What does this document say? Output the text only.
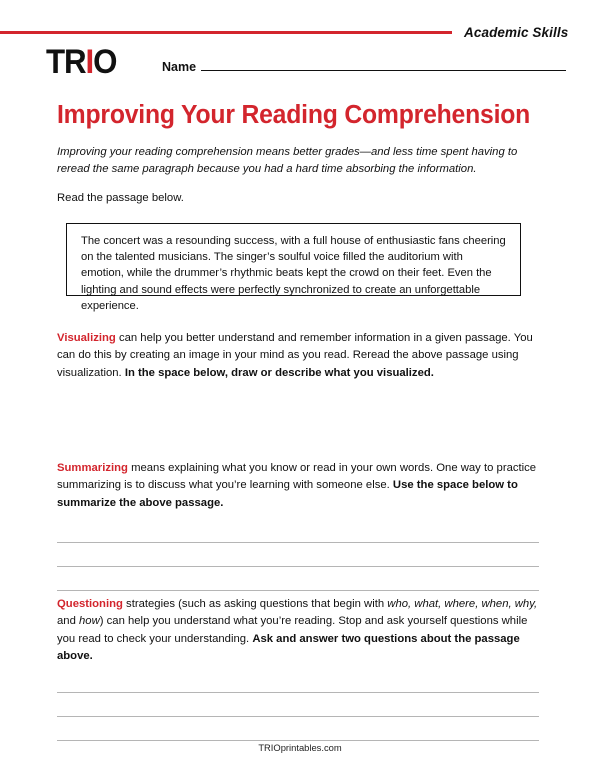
Academic Skills
TRIO	Name
Improving Your Reading Comprehension
Improving your reading comprehension means better grades—and less time spent having to reread the same paragraph because you had a hard time absorbing the information.
Read the passage below.
The concert was a resounding success, with a full house of enthusiastic fans cheering on the talented musicians. The singer’s soulful voice filled the auditorium with emotion, while the drummer’s rhythmic beats kept the crowd on their feet. Even the lighting and sound effects were perfectly synchronized to create an unforgettable experience.
Visualizing can help you better understand and remember information in a given passage. You can do this by creating an image in your mind as you read. Reread the above passage using visualization. In the space below, draw or describe what you visualized.
Summarizing means explaining what you know or read in your own words. One way to practice summarizing is to discuss what you’re learning with someone else. Use the space below to summarize the above passage.
Questioning strategies (such as asking questions that begin with who, what, where, when, why, and how) can help you understand what you’re reading. Stop and ask yourself questions while you read to check your understanding. Ask and answer two questions about the passage above.
TRIOprintables.com
